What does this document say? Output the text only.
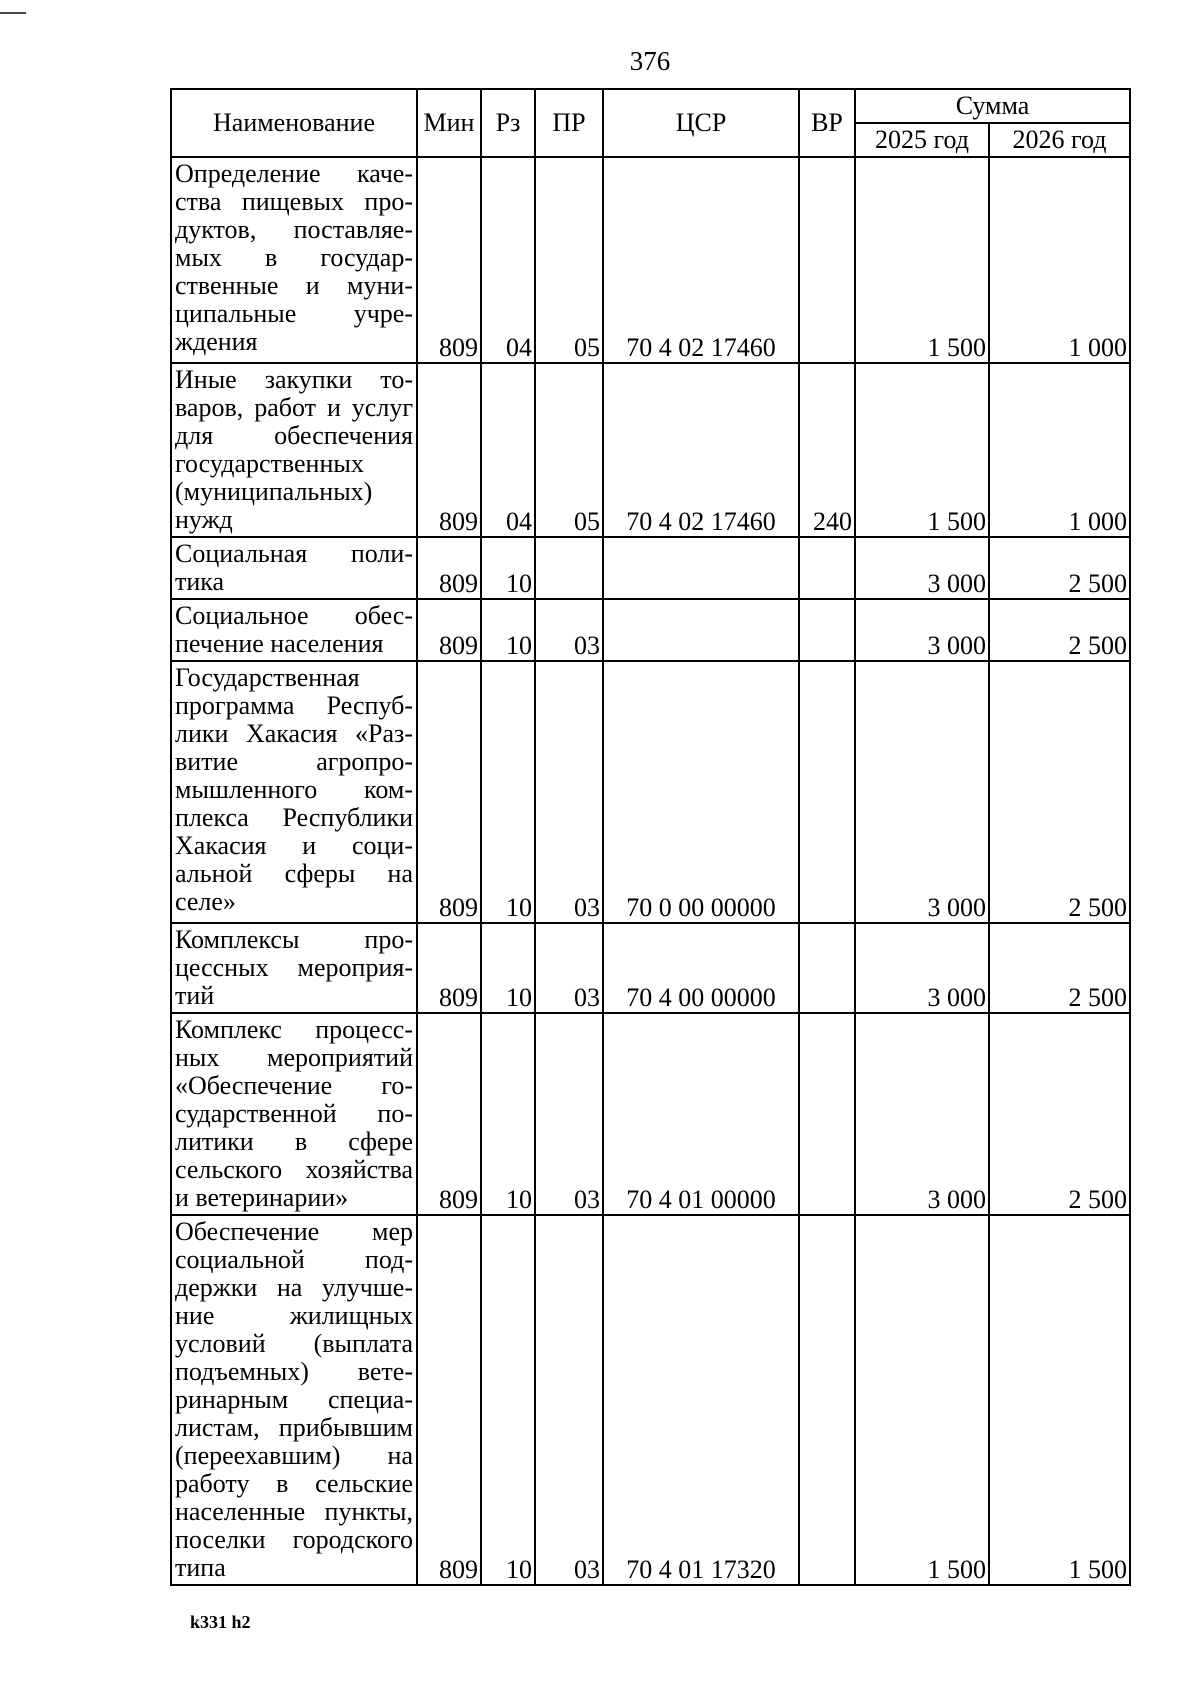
376
Наименование	Мин	Рз	ПР	ЦСР	ВР	Сумма	
						2025 год	2026 год
Определение качества пищевых продуктов, поставляемых в государственные и муниципальные учреждения	809	04	05	70 4 02 17460		1 500	1 000
Иные закупки товаров, работ и услуг для обеспечения государственных (муниципальных) нужд	809	04	05	70 4 02 17460	240	1 500	1 000
Социальная политика	809	10				3 000	2 500
Социальное обеспечение населения	809	10	03			3 000	2 500
Государственная программа Республики Хакасия «Развитие агропромышленного комплекса Республики Хакасия и социальной сферы на селе»	809	10	03	70 0 00 00000		3 000	2 500
Комплексы процессных мероприятий	809	10	03	70 4 00 00000		3 000	2 500
Комплекс процессных мероприятий «Обеспечение государственной политики в сфере сельского хозяйства и ветеринарии»	809	10	03	70 4 01 00000		3 000	2 500
Обеспечение мер социальной поддержки на улучшение жилищных условий (выплата подъемных) ветеринарным специалистам, прибывшим (переехавшим) на работу в сельские населенные пункты, поселки городского типа	809	10	03	70 4 01 17320		1 500	1 500
k331 h2
